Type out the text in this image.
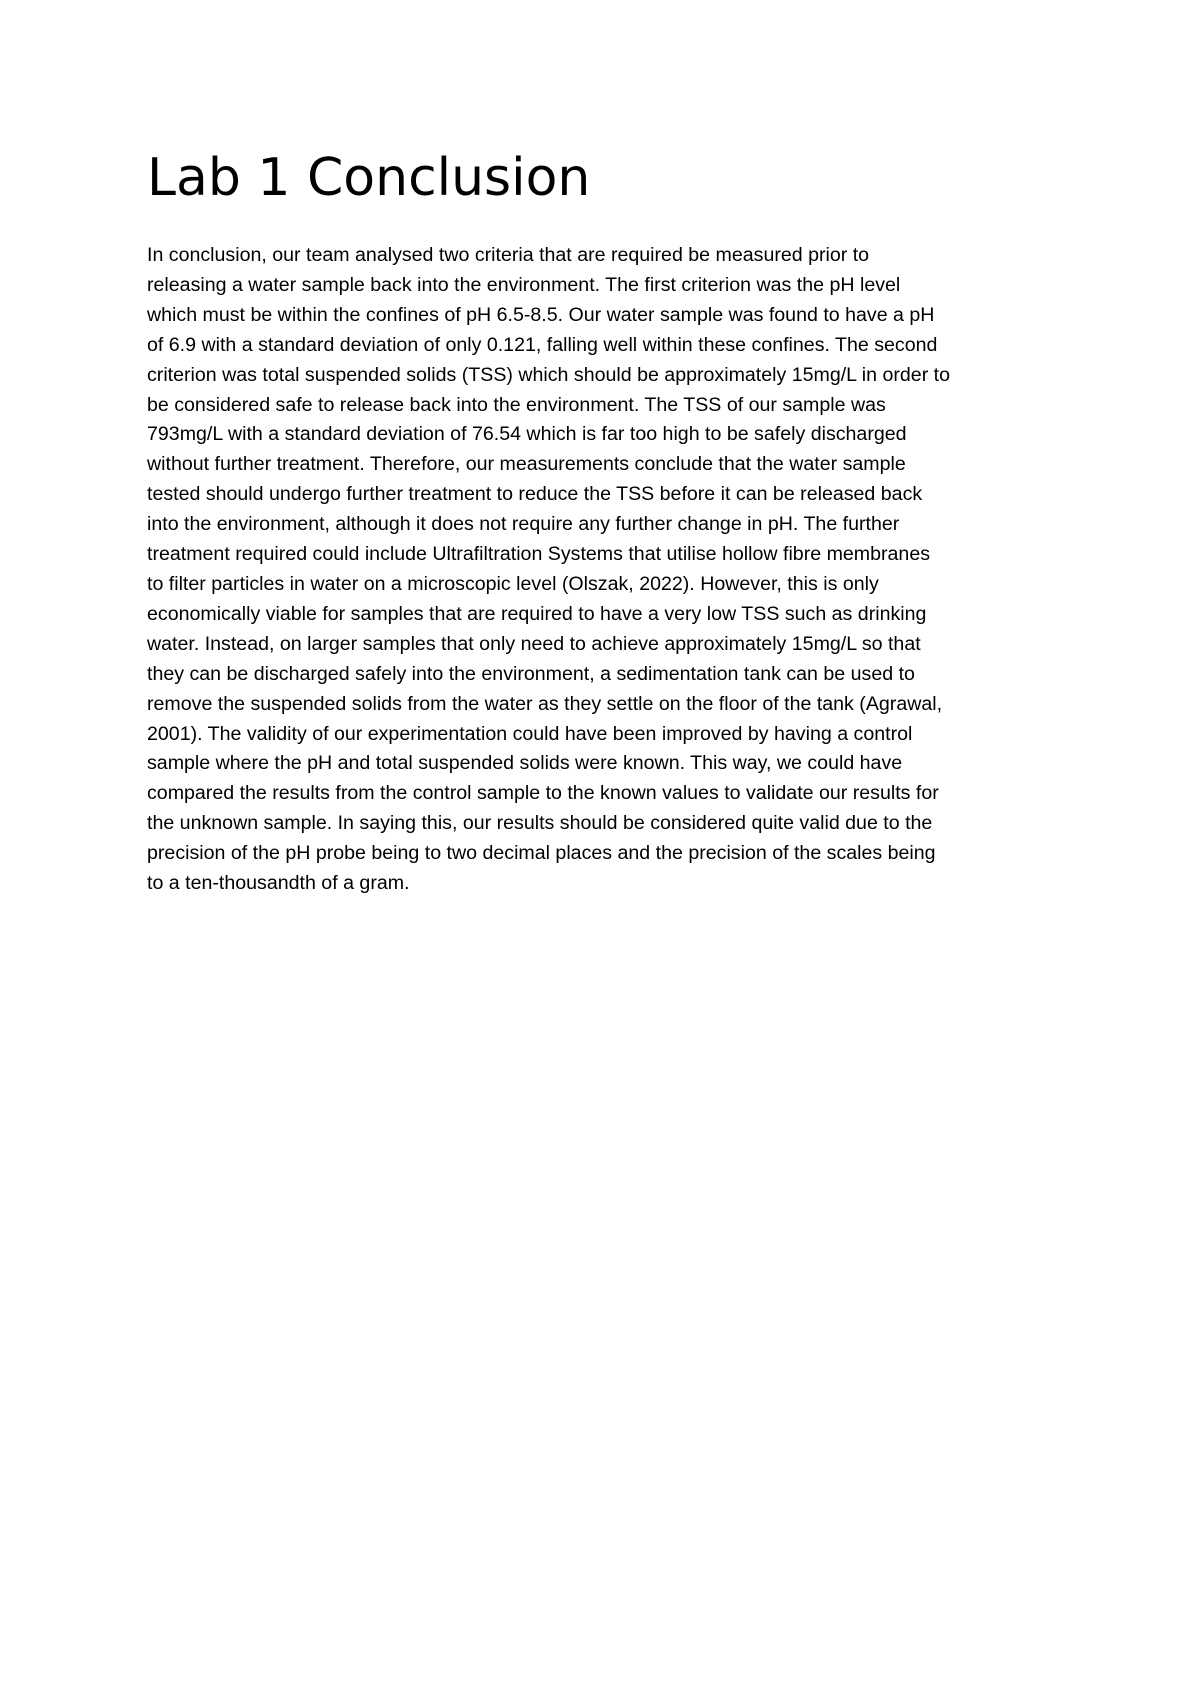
Lab 1 Conclusion
In conclusion, our team analysed two criteria that are required be measured prior to
releasing a water sample back into the environment. The first criterion was the pH level
which must be within the confines of pH 6.5-8.5. Our water sample was found to have a pH
of 6.9 with a standard deviation of only 0.121, falling well within these confines. The second
criterion was total suspended solids (TSS) which should be approximately 15mg/L in order to
be considered safe to release back into the environment. The TSS of our sample was
793mg/L with a standard deviation of 76.54 which is far too high to be safely discharged
without further treatment. Therefore, our measurements conclude that the water sample
tested should undergo further treatment to reduce the TSS before it can be released back
into the environment, although it does not require any further change in pH. The further
treatment required could include Ultrafiltration Systems that utilise hollow fibre membranes
to filter particles in water on a microscopic level (Olszak, 2022). However, this is only
economically viable for samples that are required to have a very low TSS such as drinking
water. Instead, on larger samples that only need to achieve approximately 15mg/L so that
they can be discharged safely into the environment, a sedimentation tank can be used to
remove the suspended solids from the water as they settle on the floor of the tank (Agrawal,
2001). The validity of our experimentation could have been improved by having a control
sample where the pH and total suspended solids were known. This way, we could have
compared the results from the control sample to the known values to validate our results for
the unknown sample. In saying this, our results should be considered quite valid due to the
precision of the pH probe being to two decimal places and the precision of the scales being
to a ten-thousandth of a gram.
